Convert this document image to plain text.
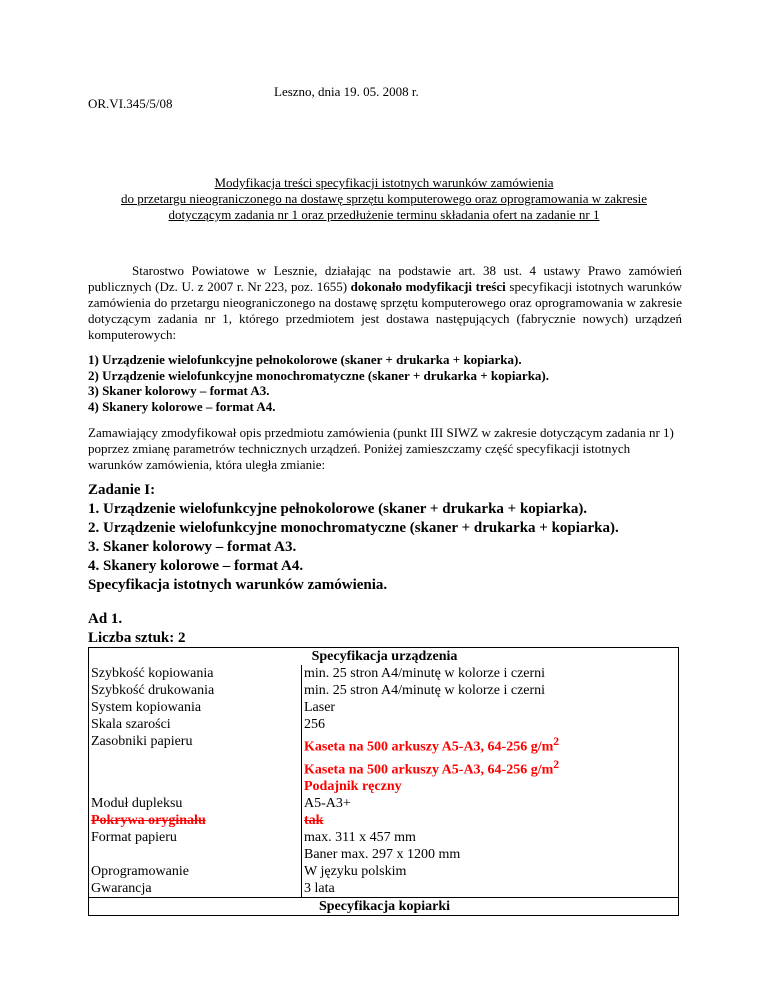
Leszno, dnia 19. 05. 2008 r.
OR.VI.345/5/08
Modyfikacja treści specyfikacji istotnych warunków zamówienia
do przetargu nieograniczonego na dostawę sprzętu komputerowego oraz oprogramowania w zakresie
dotyczącym zadania nr 1 oraz przedłużenie terminu składania ofert na zadanie nr 1

Starostwo Powiatowe w Lesznie, działając na podstawie art. 38 ust. 4 ustawy Prawo zamówień publicznych (Dz. U. z 2007 r. Nr 223, poz. 1655) dokonało modyfikacji treści specyfikacji istotnych warunków zamówienia do przetargu nieograniczonego na dostawę sprzętu komputerowego oraz oprogramowania w zakresie dotyczącym zadania nr 1, którego przedmiotem jest dostawa następujących (fabrycznie nowych) urządzeń komputerowych:

1) Urządzenie wielofunkcyjne pełnokolorowe (skaner + drukarka + kopiarka).
2) Urządzenie wielofunkcyjne monochromatyczne (skaner + drukarka + kopiarka).
3) Skaner kolorowy – format A3.
4) Skanery kolorowe – format A4.
Zamawiający zmodyfikował opis przedmiotu zamówienia (punkt III SIWZ w zakresie dotyczącym zadania nr 1) poprzez zmianę parametrów technicznych urządzeń. Poniżej zamieszczamy część specyfikacji istotnych warunków zamówienia, która uległa zmianie:
Zadanie I:
1. Urządzenie wielofunkcyjne pełnokolorowe (skaner + drukarka + kopiarka).
2. Urządzenie wielofunkcyjne monochromatyczne (skaner + drukarka + kopiarka).
3. Skaner kolorowy – format A3.
4. Skanery kolorowe – format A4.
Specyfikacja istotnych warunków zamówienia.
Ad 1.
Liczba sztuk: 2
Specyfikacja urządzenia	
Szybkość kopiowania	min. 25 stron A4/minutę w kolorze i czerni
Szybkość drukowania	min. 25 stron A4/minutę w kolorze i czerni
System kopiowania	Laser
Skala szarości	256
Zasobniki papieru	Kaseta na 500 arkuszy A5-A3, 64-256 $g/m^2$
Kaseta na 500 arkuszy A5-A3, 64-256 $g/m^2$
Podajnik ręczny

Moduł dupleksu	A5-A3+
Pokrywa oryginału	tak
Format papieru	max. 311 x 457 mm
Baner max. 297 x 1200 mm

Oprogramowanie	W języku polskim
Gwarancja	3 lata
Specyfikacja kopiarki	
